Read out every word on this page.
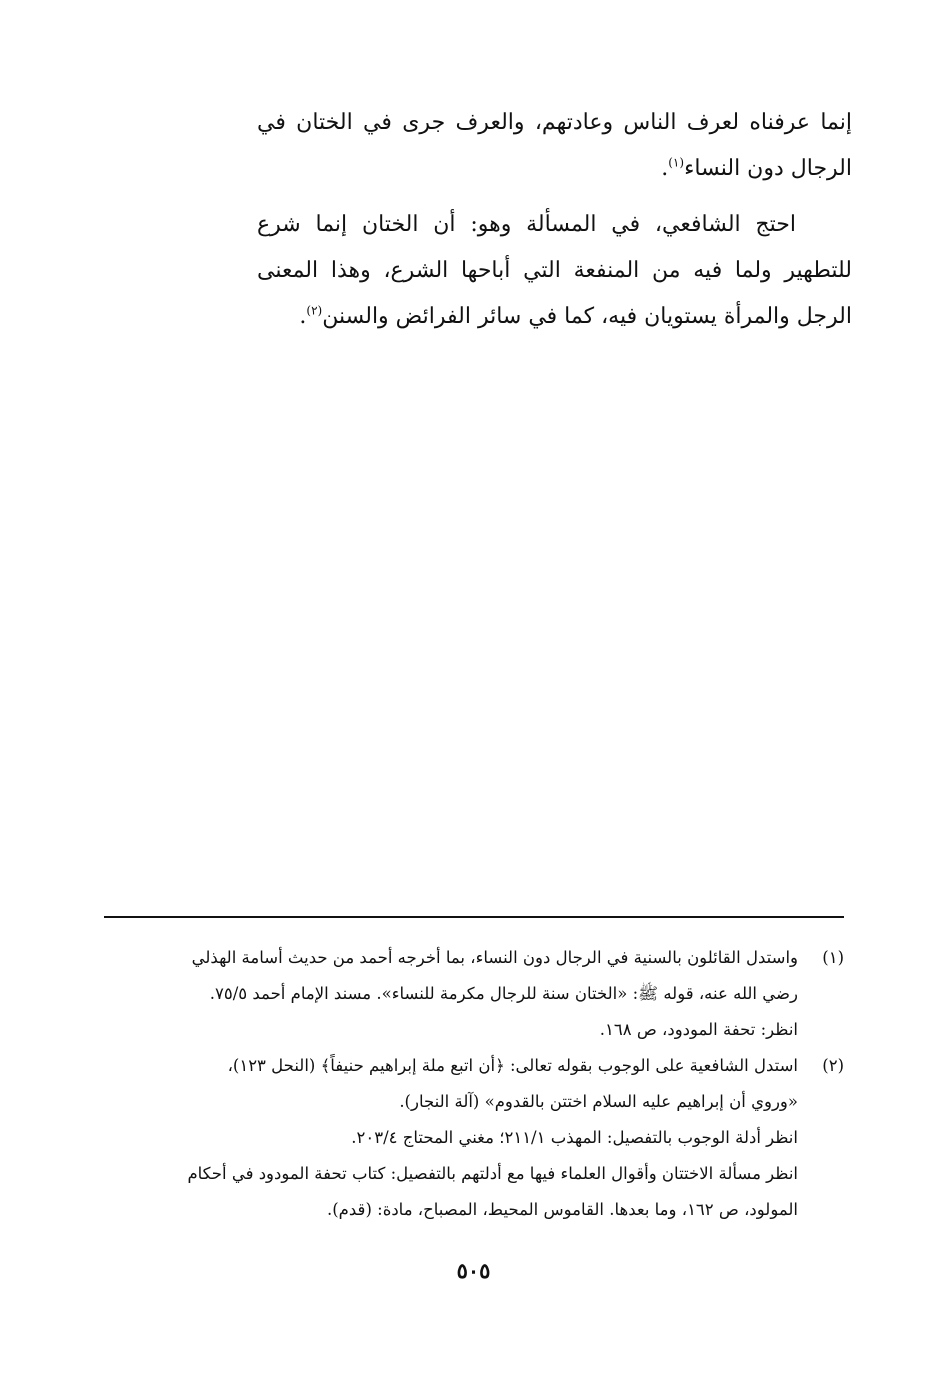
إنما عرفناه لعرف الناس وعادتهم، والعرف جرى في الختان في الرجال دون النساء$^{(١)}$.

احتج الشافعي، في المسألة وهو: أن الختان إنما شرع للتطهير ولما فيه من المنفعة التي أباحها الشرع، وهذا المعنى الرجل والمرأة يستويان فيه، كما في سائر الفرائض والسنن$^{(٢)}$.

(١)
واستدل القائلون بالسنية في الرجال دون النساء، بما أخرجه أحمد من حديث أسامة الهذلي
رضي الله عنه، قوله ﷺ: «الختان سنة للرجال مكرمة للنساء». مسند الإمام أحمد ٧٥/٥.
انظر: تحفة المودود، ص ١٦٨.
(٢)
استدل الشافعية على الوجوب بقوله تعالى: ﴿أن اتبع ملة إبراهيم حنيفاً﴾ (النحل ١٢٣)،
«وروي أن إبراهيم عليه السلام اختتن بالقدوم» (آلة النجار).
انظر أدلة الوجوب بالتفصيل: المهذب ٢١١/١؛ مغني المحتاج ٢٠٣/٤.
انظر مسألة الاختتان وأقوال العلماء فيها مع أدلتهم بالتفصيل: كتاب تحفة المودود في أحكام
المولود، ص ١٦٢، وما بعدها. القاموس المحيط، المصباح، مادة: (قدم).
٥٠٥
